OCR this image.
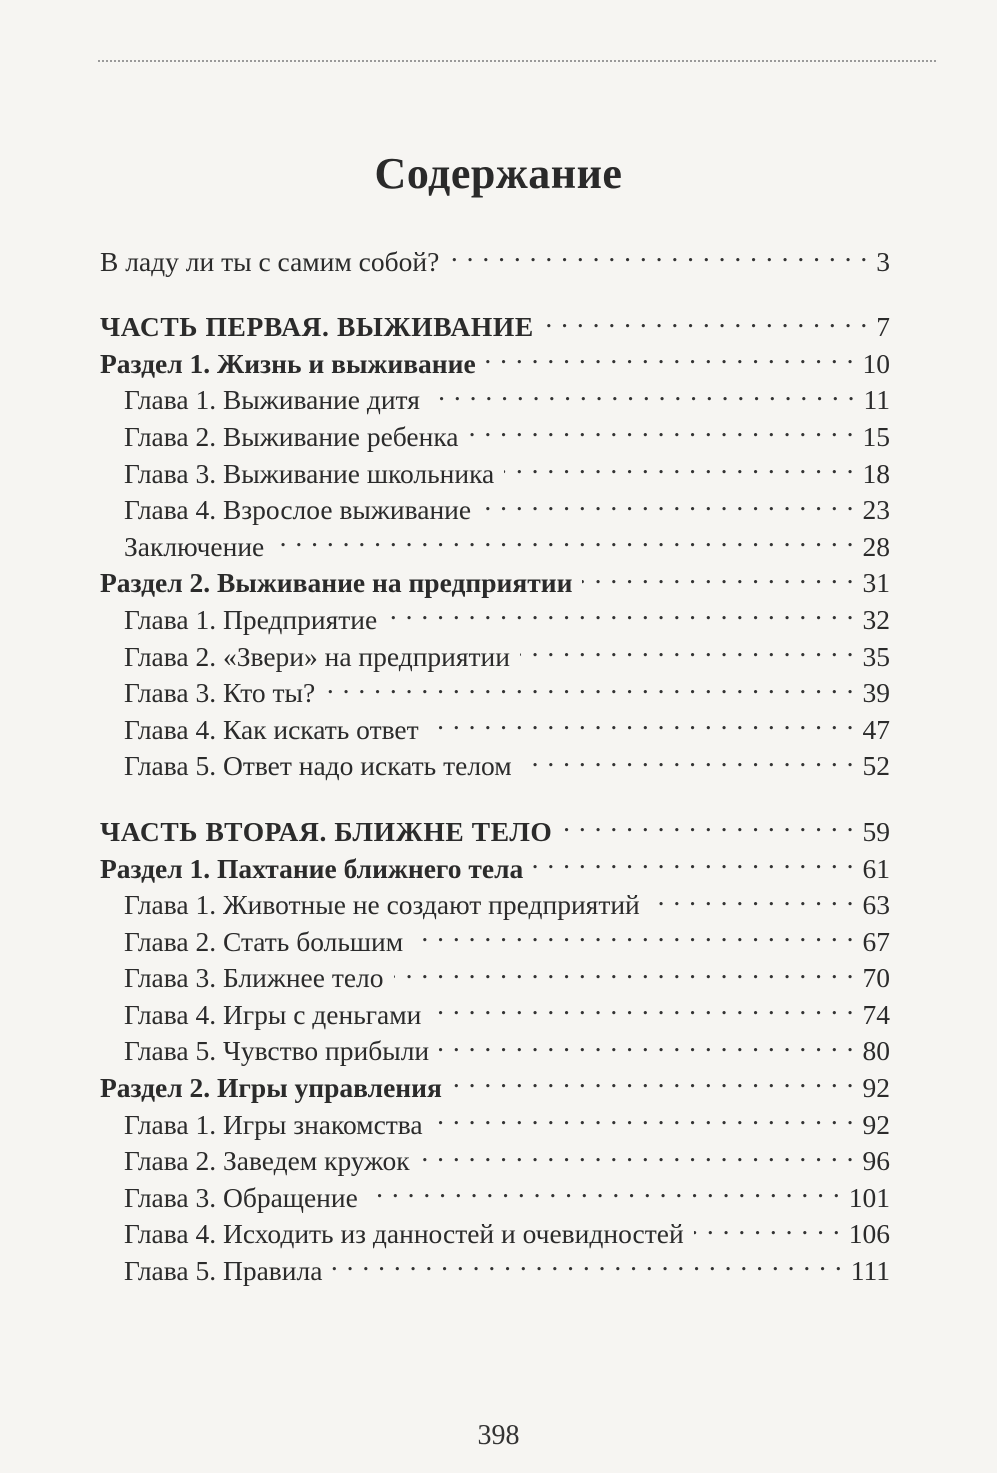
Содержание
В ладу ли ты с самим собой? . . .	3
ЧАСТЬ ПЕРВАЯ. ВЫЖИВАНИЕ . . .	7
Раздел 1. Жизнь и выживание . . .	10
Глава 1. Выживание дитя . . .	11
Глава 2. Выживание ребенка . . .	15
Глава 3. Выживание школьника . . .	18
Глава 4. Взрослое выживание . . .	23
Заключение . . .	28
Раздел 2. Выживание на предприятии . . .	31
Глава 1. Предприятие . . .	32
Глава 2. «Звери» на предприятии . . .	35
Глава 3. Кто ты? . . .	39
Глава 4. Как искать ответ . . .	47
Глава 5. Ответ надо искать телом . . .	52
ЧАСТЬ ВТОРАЯ. БЛИЖНЕ ТЕЛО . . .	59
Раздел 1. Пахтание ближнего тела . . .	61
Глава 1. Животные не создают предприятий . . .	63
Глава 2. Стать большим . . .	67
Глава 3. Ближнее тело . . .	70
Глава 4. Игры с деньгами . . .	74
Глава 5. Чувство прибыли . . .	80
Раздел 2. Игры управления . . .	92
Глава 1. Игры знакомства . . .	92
Глава 2. Заведем кружок . . .	96
Глава 3. Обращение . . .	101
Глава 4. Исходить из данностей и очевидностей . . .	106
Глава 5. Правила . . .	111
398
